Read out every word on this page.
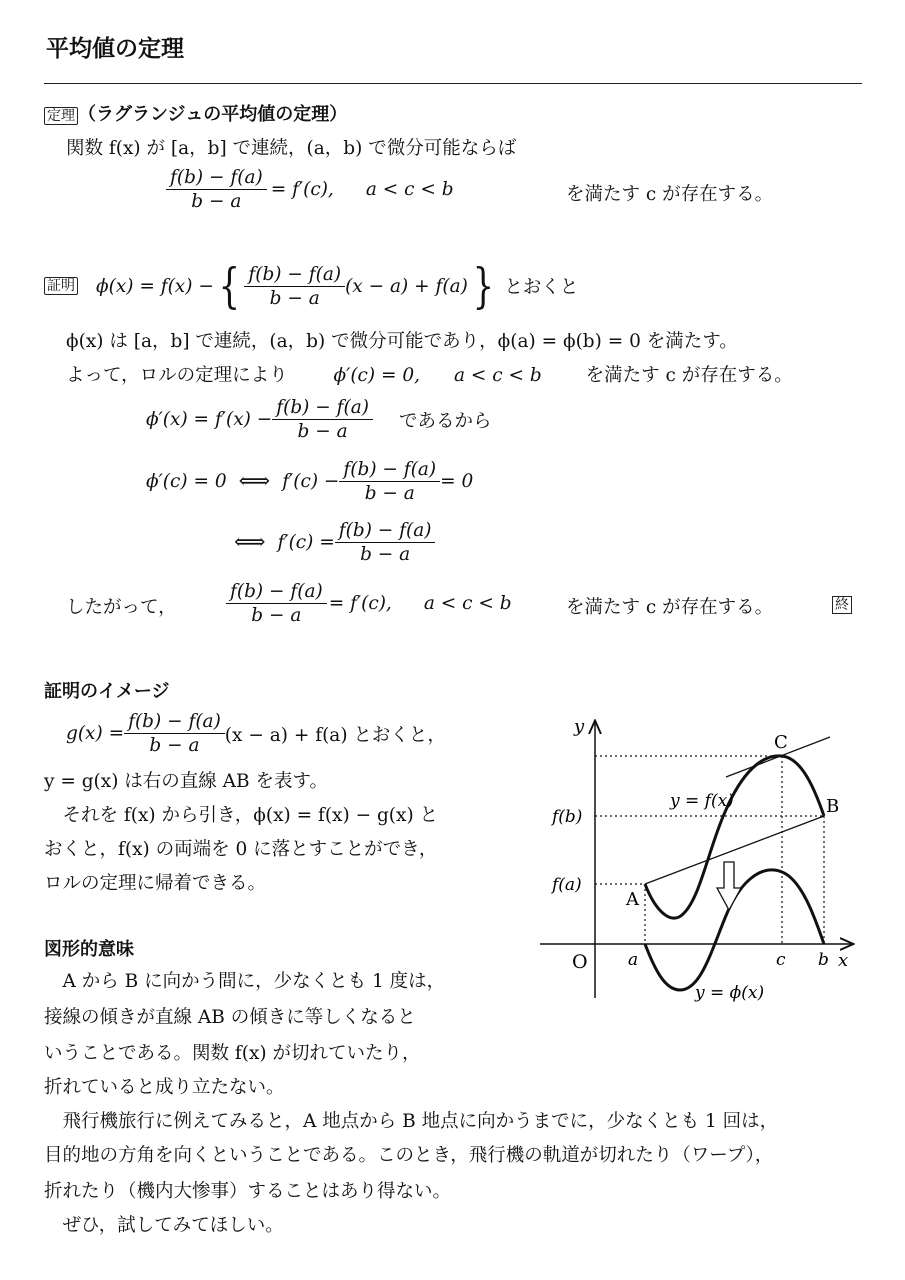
平均値の定理
定理 （ラグランジュの平均値の定理）
関数 f(x) が [a，b] で連続，(a，b) で微分可能ならば
$\frac{f(b) - f(a)}{b - a} = f'(c)$, a < c < b	を満たす c が存在する。
証明 ϕ(x) = f(x) − { $\frac{f(b) - f(a)}{b - a} (x - a) + f(a)$ } とおくと
ϕ(x) は [a，b] で連続，(a，b) で微分可能であり，ϕ(a) = ϕ(b) = 0 を満たす。
よって，ロルの定理により ϕ′(c) = 0, a < c < b を満たす c が存在する。
$\phi'(x) = f'(x) - \frac{f(b) - f(a)}{b - a}$ であるから
ϕ′(c) = 0 ⟺ $f'(c) - \frac{f(b) - f(a)}{b - a} = 0$
⟺ $f'(c) = \frac{f(b) - f(a)}{b - a}$
したがって，	$\frac{f(b) - f(a)}{b - a} = f'(c)$, a < c < b	を満たす c が存在する。	終
証明のイメージ
$g(x) = \frac{f(b) - f(a)}{b - a} (x - a) + f(a)$ とおくと，
y = g(x) は右の直線 AB を表す。
　それを f(x) から引き，ϕ(x) = f(x) − g(x) と
おくと，f(x) の両端を 0 に落とすことができ，
ロルの定理に帰着できる。
図形的意味
　A から B に向かう間に，少なくとも 1 度は，
接線の傾きが直線 AB の傾きに等しくなると
いうことである。関数 f(x) が切れていたり，
折れていると成り立たない。
　飛行機旅行に例えてみると，A 地点から B 地点に向かうまでに，少なくとも 1 回は，
目的地の方角を向くということである。このとき，飛行機の軌道が切れたり（ワープ），
折れたり（機内大惨事）することはあり得ない。
　ぜひ，試してみてほしい。
y
x
O
f(b)
f(a)
a	c b
A
B
C
y = f(x)
y = ϕ(x)
